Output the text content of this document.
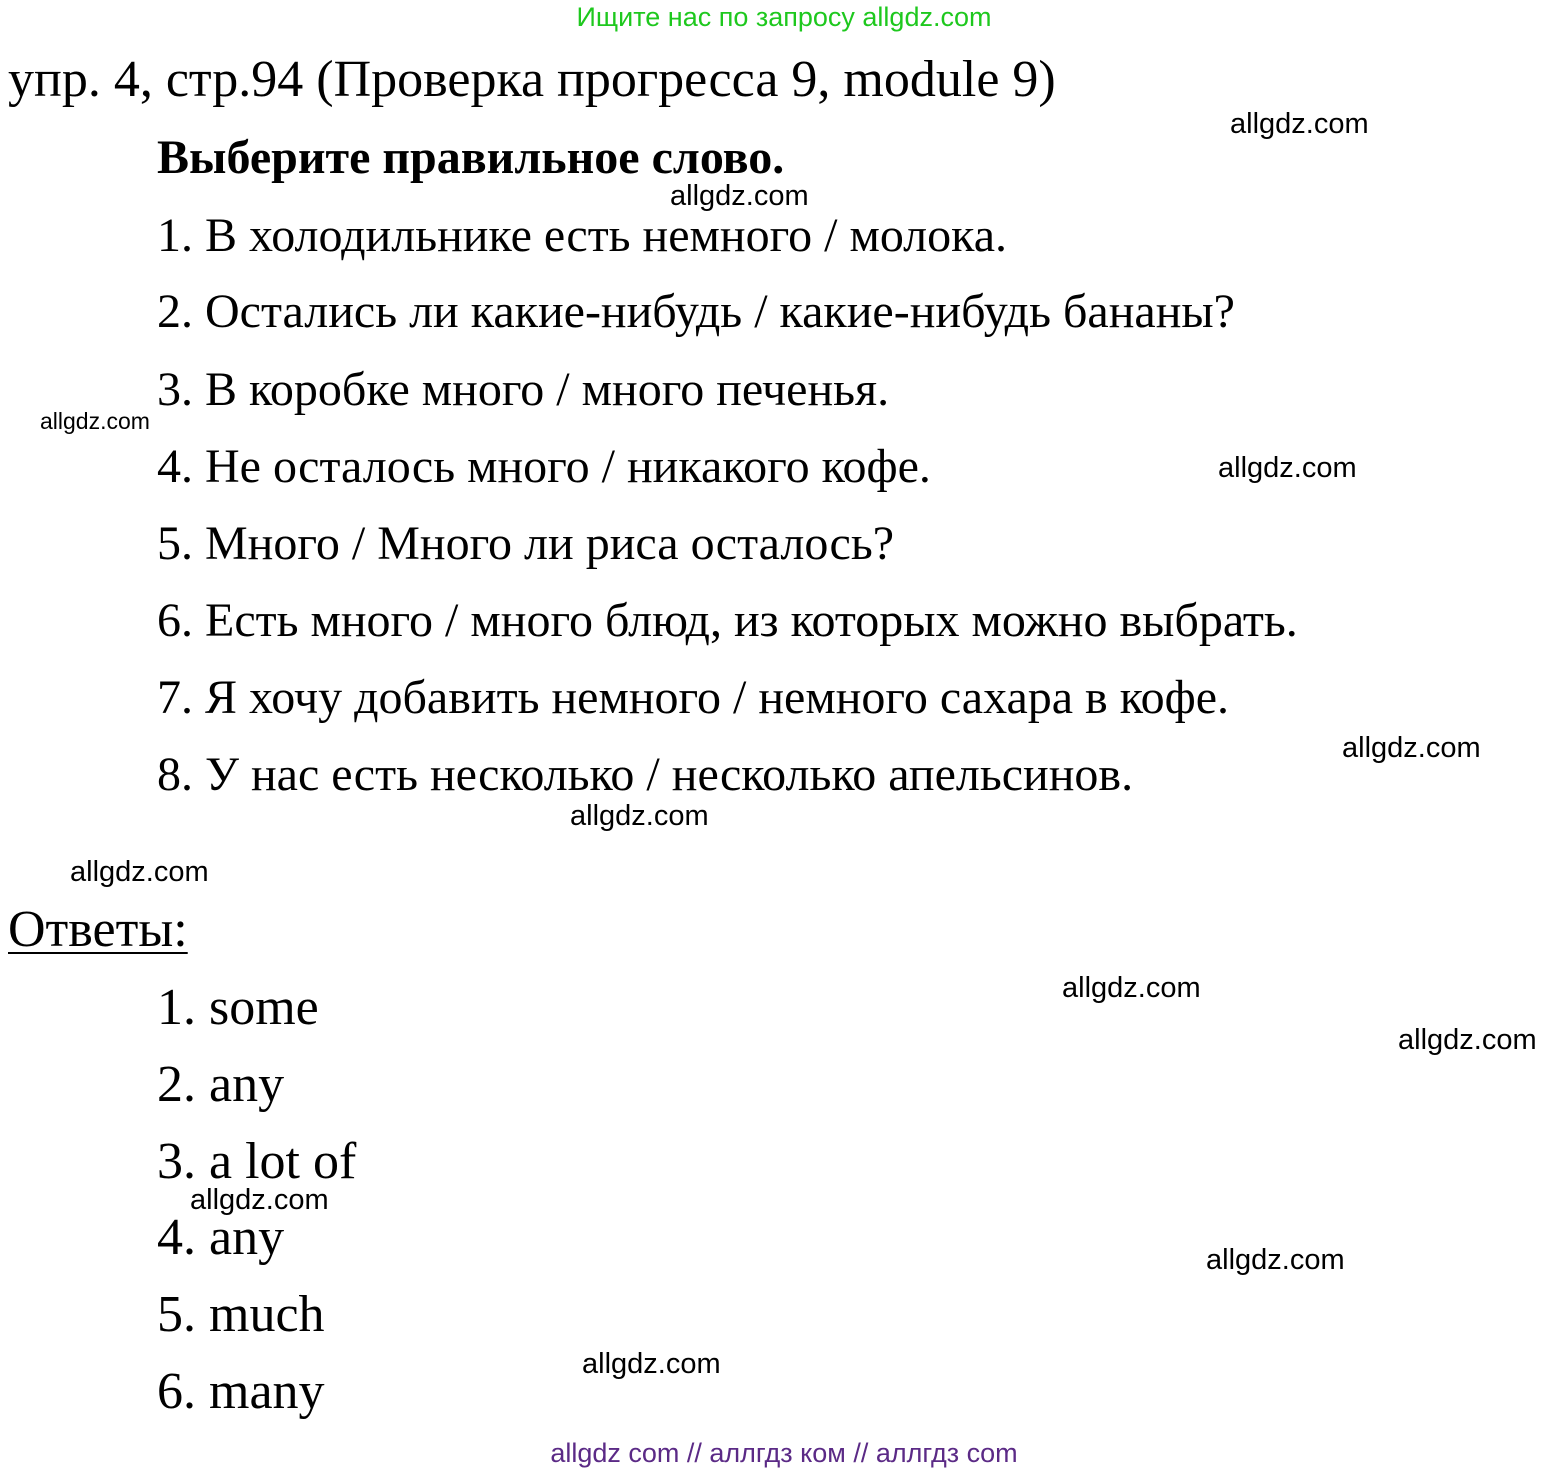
Ищите нас по запросу allgdz.com
упр. 4, стр.94 (Проверка прогресса 9, module 9)
Выберите правильное слово.
1. В холодильнике есть немного / молока.
2. Остались ли какие-нибудь / какие-нибудь бананы?
3. В коробке много / много печенья.
4. Не осталось много / никакого кофе.
5. Много / Много ли риса осталось?
6. Есть много / много блюд, из которых можно выбрать.
7. Я хочу добавить немного / немного сахара в кофе.
8. У нас есть несколько / несколько апельсинов.
Ответы:
1. some
2. any
3. a lot of
4. any
5. much
6. many
allgdz.com
allgdz.com
allgdz.com
allgdz.com
allgdz.com
allgdz.com
allgdz.com
allgdz.com
allgdz.com
allgdz.com
allgdz.com
allgdz.com
allgdz com // аллгдз ком // аллгдз com
